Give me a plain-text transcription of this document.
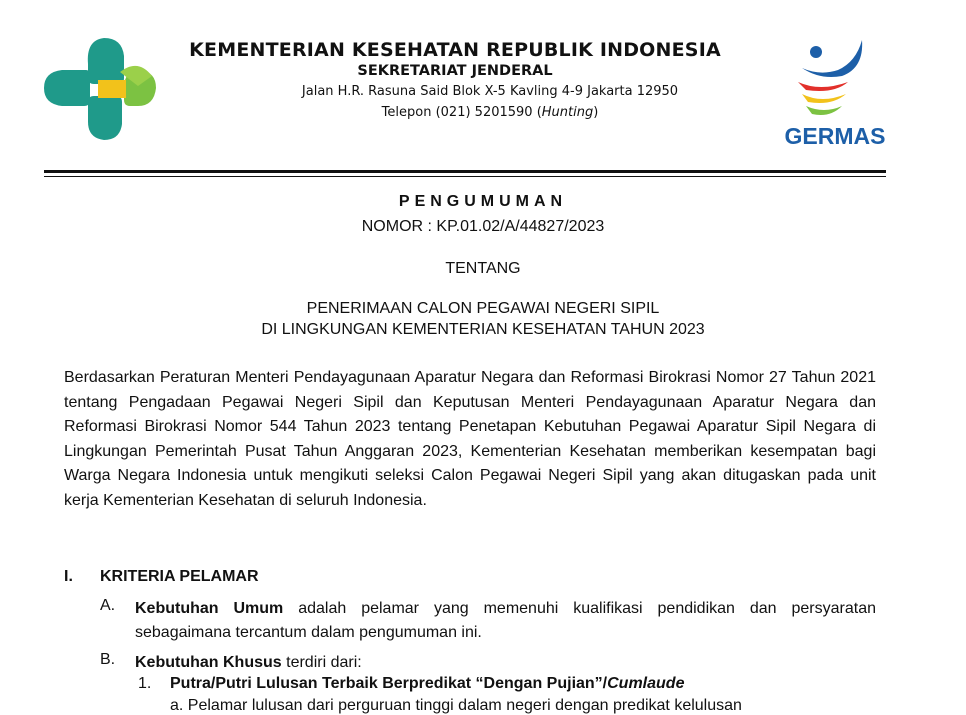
KEMENTERIAN KESEHATAN REPUBLIK INDONESIA
SEKRETARIAT JENDERAL
Jalan H.R. Rasuna Said Blok X-5 Kavling 4-9 Jakarta 12950
Telepon (021) 5201590 (Hunting)
GERMAS
PENGUMUMAN
NOMOR : KP.01.02/A/44827/2023
TENTANG
PENERIMAAN CALON PEGAWAI NEGERI SIPIL
DI LINGKUNGAN KEMENTERIAN KESEHATAN TAHUN 2023
Berdasarkan Peraturan Menteri Pendayagunaan Aparatur Negara dan Reformasi Birokrasi Nomor 27 Tahun 2021 tentang Pengadaan Pegawai Negeri Sipil dan Keputusan Menteri Pendayagunaan Aparatur Negara dan Reformasi Birokrasi Nomor 544 Tahun 2023 tentang Penetapan Kebutuhan Pegawai Aparatur Sipil Negara di Lingkungan Pemerintah Pusat Tahun Anggaran 2023, Kementerian Kesehatan memberikan kesempatan bagi Warga Negara Indonesia untuk mengikuti seleksi Calon Pegawai Negeri Sipil yang akan ditugaskan pada unit kerja Kementerian Kesehatan di seluruh Indonesia.
I. KRITERIA PELAMAR
A. Kebutuhan Umum adalah pelamar yang memenuhi kualifikasi pendidikan dan persyaratan sebagaimana tercantum dalam pengumuman ini.
B. Kebutuhan Khusus terdiri dari:
1. Putra/Putri Lulusan Terbaik Berpredikat “Dengan Pujian”/Cumlaude
a. Pelamar lulusan dari perguruan tinggi dalam negeri dengan predikat kelulusan
